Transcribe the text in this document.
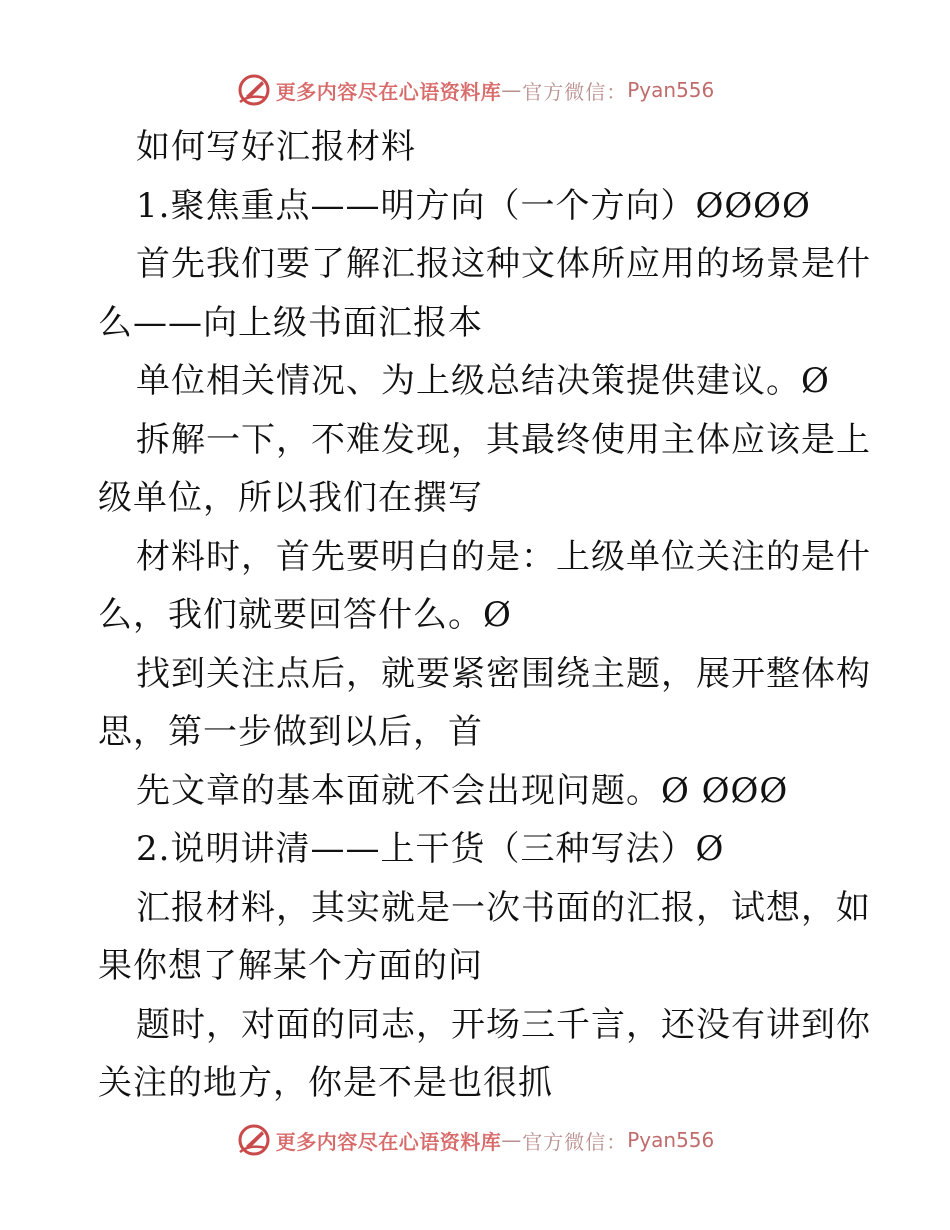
更多内容尽在心语资料库 — 官方微信： Pyan556
如何写好汇报材料
1.聚焦重点——明方向（一个方向）ØØØØ
首先我们要了解汇报这种文体所应用的场景是什
么——向上级书面汇报本
单位相关情况、为上级总结决策提供建议。Ø
拆解一下，不难发现，其最终使用主体应该是上
级单位，所以我们在撰写
材料时，首先要明白的是：上级单位关注的是什
么，我们就要回答什么。Ø
找到关注点后，就要紧密围绕主题，展开整体构
思，第一步做到以后，首
先文章的基本面就不会出现问题。Ø ØØØ
2.说明讲清——上干货（三种写法）Ø
汇报材料，其实就是一次书面的汇报，试想，如
果你想了解某个方面的问
题时，对面的同志，开场三千言，还没有讲到你
关注的地方，你是不是也很抓
更多内容尽在心语资料库 — 官方微信： Pyan556
